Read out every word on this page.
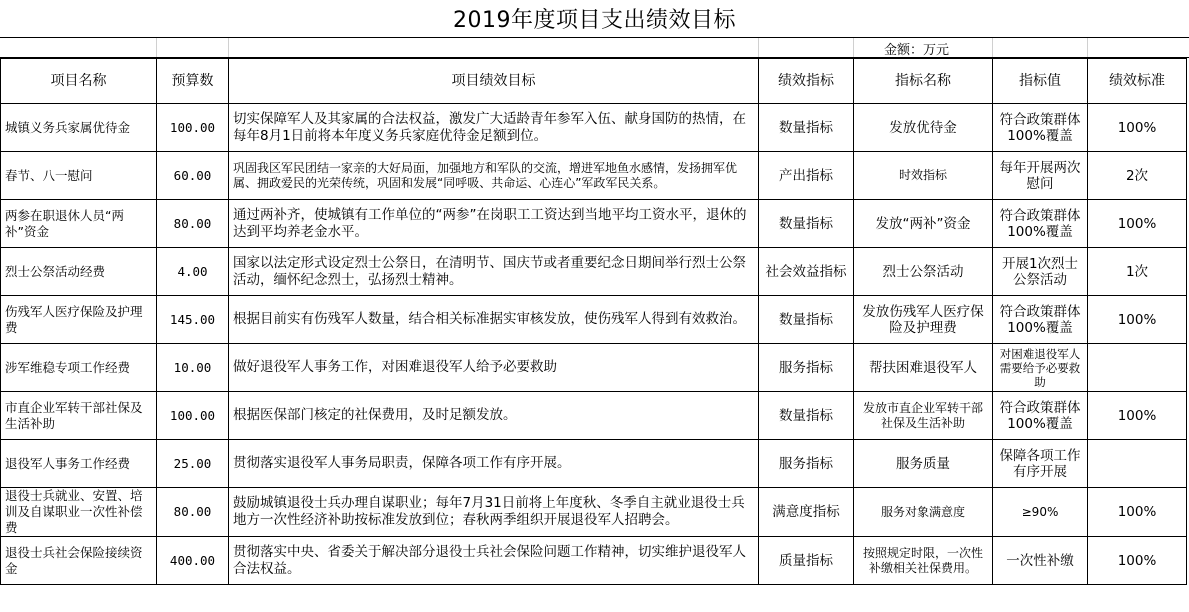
2019年度项目支出绩效目标
金额：万元
项目名称	预算数	项目绩效目标	绩效指标	指标名称	指标值	绩效标准
城镇义务兵家属优待金	100.00	切实保障军人及其家属的合法权益，激发广大适龄青年参军入伍、献身国防的热情，在每年8月1日前将本年度义务兵家庭优待金足额到位。	数量指标	发放优待金	符合政策群体100%覆盖	100%
春节、八一慰问	60.00	巩固我区军民团结一家亲的大好局面，加强地方和军队的交流，增进军地鱼水感情，发扬拥军优属、拥政爱民的光荣传统，巩固和发展“同呼吸、共命运、心连心”军政军民关系。	产出指标	时效指标	每年开展两次慰问	2次
两参在职退休人员“两补”资金	80.00	通过两补齐，使城镇有工作单位的“两参”在岗职工工资达到当地平均工资水平，退休的达到平均养老金水平。	数量指标	发放“两补”资金	符合政策群体100%覆盖	100%
烈士公祭活动经费	4.00	国家以法定形式设定烈士公祭日，在清明节、国庆节或者重要纪念日期间举行烈士公祭活动，缅怀纪念烈士，弘扬烈士精神。	社会效益指标	烈士公祭活动	开展1次烈士公祭活动	1次
伤残军人医疗保险及护理费	145.00	根据目前实有伤残军人数量，结合相关标准据实审核发放，使伤残军人得到有效救治。	数量指标	发放伤残军人医疗保险及护理费	符合政策群体100%覆盖	100%
涉军维稳专项工作经费	10.00	做好退役军人事务工作，对困难退役军人给予必要救助	服务指标	帮扶困难退役军人	对困难退役军人需要给予必要救助	
市直企业军转干部社保及生活补助	100.00	根据医保部门核定的社保费用，及时足额发放。	数量指标	发放市直企业军转干部社保及生活补助	符合政策群体100%覆盖	100%
退役军人事务工作经费	25.00	贯彻落实退役军人事务局职责，保障各项工作有序开展。	服务指标	服务质量	保障各项工作有序开展	
退役士兵就业、安置、培训及自谋职业一次性补偿费	80.00	鼓励城镇退役士兵办理自谋职业；每年7月31日前将上年度秋、冬季自主就业退役士兵地方一次性经济补助按标准发放到位；春秋两季组织开展退役军人招聘会。	满意度指标	服务对象满意度	≥90%	100%
退役士兵社会保险接续资金	400.00	贯彻落实中央、省委关于解决部分退役士兵社会保险问题工作精神，切实维护退役军人合法权益。	质量指标	按照规定时限，一次性补缴相关社保费用。	一次性补缴	100%
